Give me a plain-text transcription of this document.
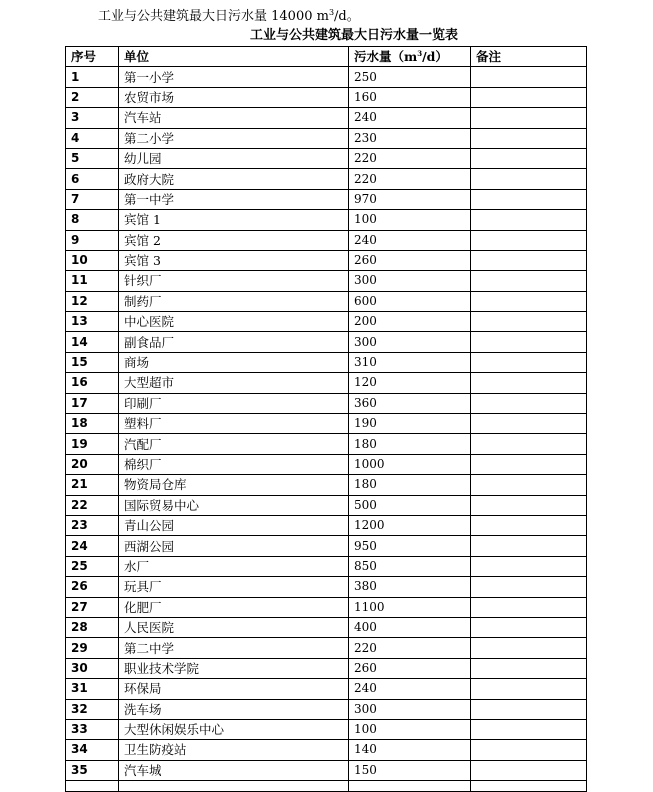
工业与公共建筑最大日污水量 14000 $m^3/d$。
工业与公共建筑最大日污水量一览表
序号	单位	污水量$(m^3/d)$	备注
1	第一小学	250	
2	农贸市场	160	
3	汽车站	240	
4	第二小学	230	
5	幼儿园	220	
6	政府大院	220	
7	第一中学	970	
8	宾馆 1	100	
9	宾馆 2	240	
10	宾馆 3	260	
11	针织厂	300	
12	制药厂	600	
13	中心医院	200	
14	副食品厂	300	
15	商场	310	
16	大型超市	120	
17	印刷厂	360	
18	塑料厂	190	
19	汽配厂	180	
20	棉织厂	1000	
21	物资局仓库	180	
22	国际贸易中心	500	
23	青山公园	1200	
24	西湖公园	950	
25	水厂	850	
26	玩具厂	380	
27	化肥厂	1100	
28	人民医院	400	
29	第二中学	220	
30	职业技术学院	260	
31	环保局	240	
32	洗车场	300	
33	大型休闲娱乐中心	100	
34	卫生防疫站	140	
35	汽车城	150	
